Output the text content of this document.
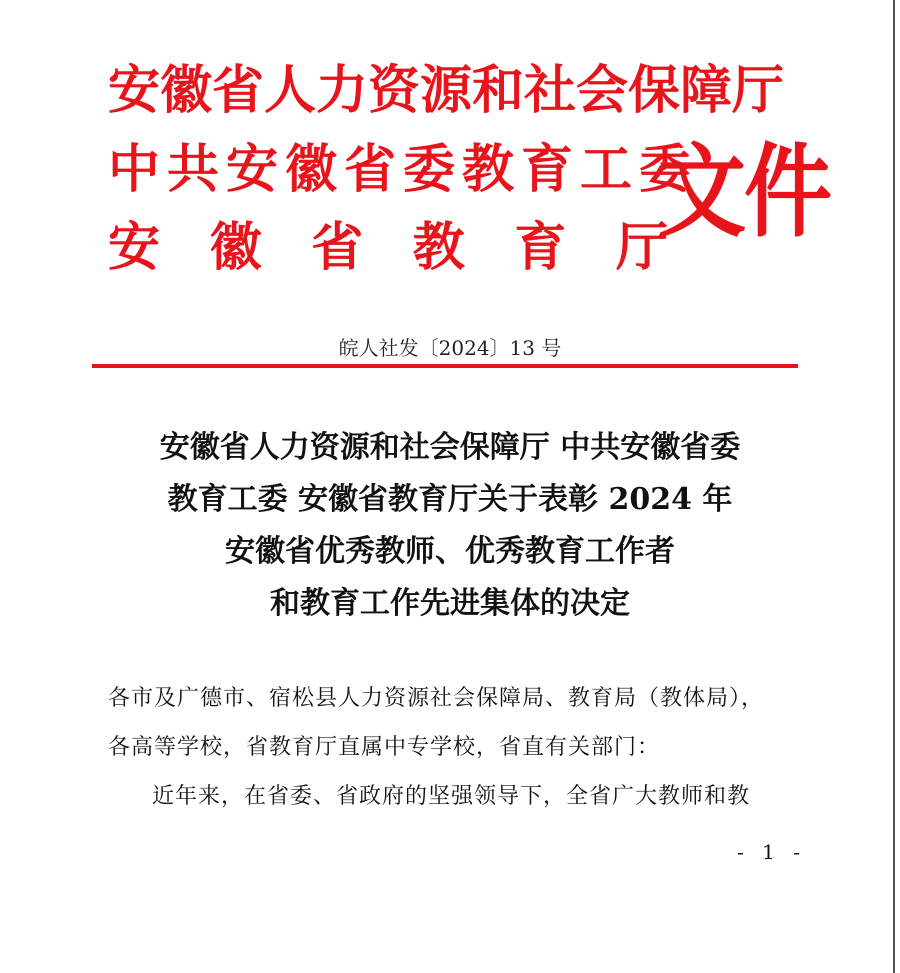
安徽省人力资源和社会保障厅
中共安徽省委教育工委
安 徽 省 教 育 厅
文件
皖人社发〔2024〕13 号
安徽省人力资源和社会保障厅 中共安徽省委
教育工委 安徽省教育厅关于表彰 2024 年
安徽省优秀教师、优秀教育工作者
和教育工作先进集体的决定
各市及广德市、宿松县人力资源社会保障局、教育局（教体局），
各高等学校，省教育厅直属中专学校，省直有关部门：
近年来，在省委、省政府的坚强领导下，全省广大教师和教
- 1 -
